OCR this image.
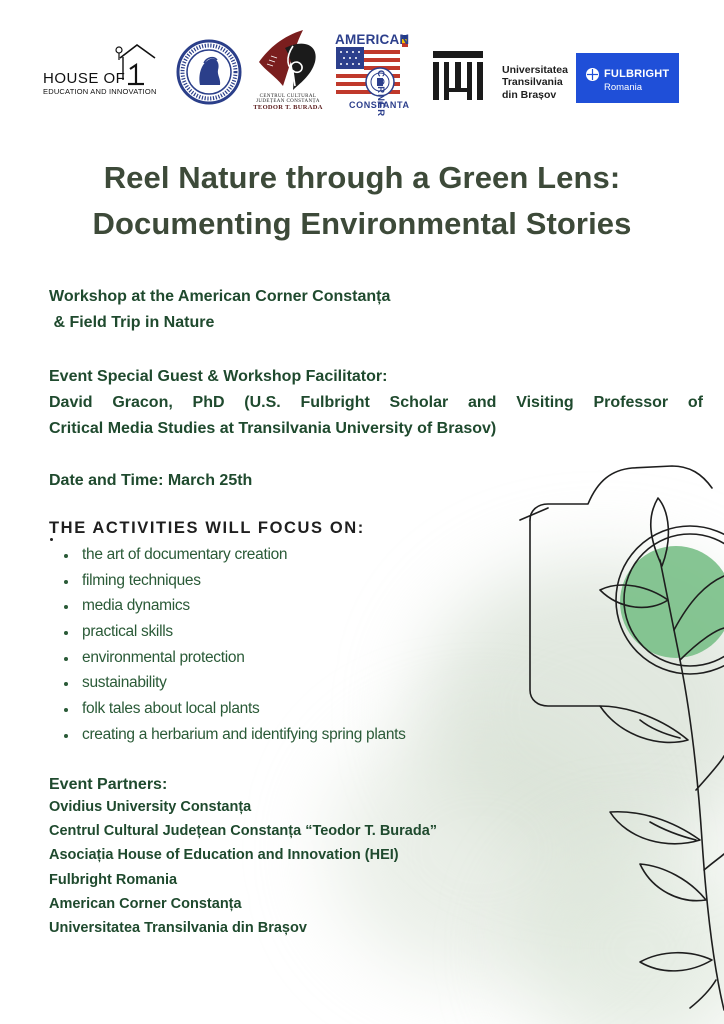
HOUSE OF
EDUCATION AND INNOVATION
CENTRUL CULTURAL
JUDEȚEAN CONSTANȚA
TEODOR T. BURADA
AMERICAN
CORNER
CONSTANTA
Universitatea
Transilvania
din Brașov
FULBRIGHT
Romania
Reel Nature through a Green Lens:
Documenting Environmental Stories
Workshop at the American Corner Constanța
& Field Trip in Nature
Event Special Guest & Workshop Facilitator:
David Gracon, PhD (U.S. Fulbright Scholar and Visiting Professor of
Critical Media Studies at Transilvania University of Brasov)
Date and Time: March 25th
THE ACTIVITIES WILL FOCUS ON:
the art of documentary creation
filming techniques
media dynamics
practical skills
environmental protection
sustainability
folk tales about local plants
creating a herbarium and identifying spring plants
Event Partners:
Ovidius University Constanța
Centrul Cultural Județean Constanța “Teodor T. Burada”
Asociația House of Education and Innovation (HEI)
Fulbright Romania
American Corner Constanța
Universitatea Transilvania din Brașov
